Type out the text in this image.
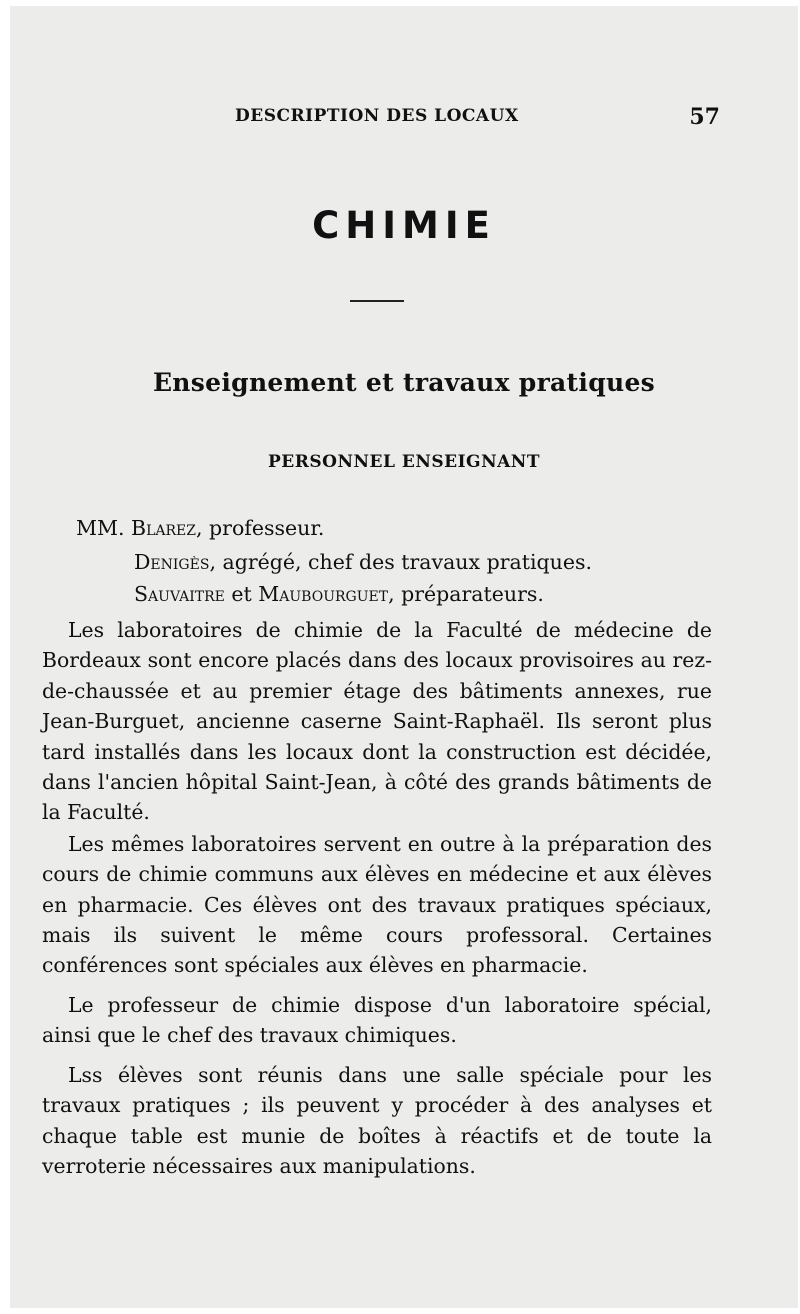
DESCRIPTION DES LOCAUX	57
CHIMIE
Enseignement et travaux pratiques
PERSONNEL ENSEIGNANT
MM. Blarez, professeur.
Denigès, agrégé, chef des travaux pratiques.
Sauvaitre et Maubourguet, préparateurs.

Les laboratoires de chimie de la Faculté de médecine de Bordeaux sont encore placés dans des locaux provisoires au rez-de-chaussée et au premier étage des bâtiments annexes, rue Jean-Burguet, ancienne caserne Saint-Raphaël. Ils seront plus tard installés dans les locaux dont la construction est décidée, dans l'ancien hôpital Saint-Jean, à côté des grands bâtiments de la Faculté.

Les mêmes laboratoires servent en outre à la préparation des cours de chimie communs aux élèves en médecine et aux élèves en pharmacie. Ces élèves ont des travaux pratiques spéciaux, mais ils suivent le même cours professoral. Certaines conférences sont spéciales aux élèves en pharmacie.

Le professeur de chimie dispose d'un laboratoire spécial, ainsi que le chef des travaux chimiques.

Lss élèves sont réunis dans une salle spéciale pour les travaux pratiques ; ils peuvent y procéder à des analyses et chaque table est munie de boîtes à réactifs et de toute la verroterie nécessaires aux manipulations.
